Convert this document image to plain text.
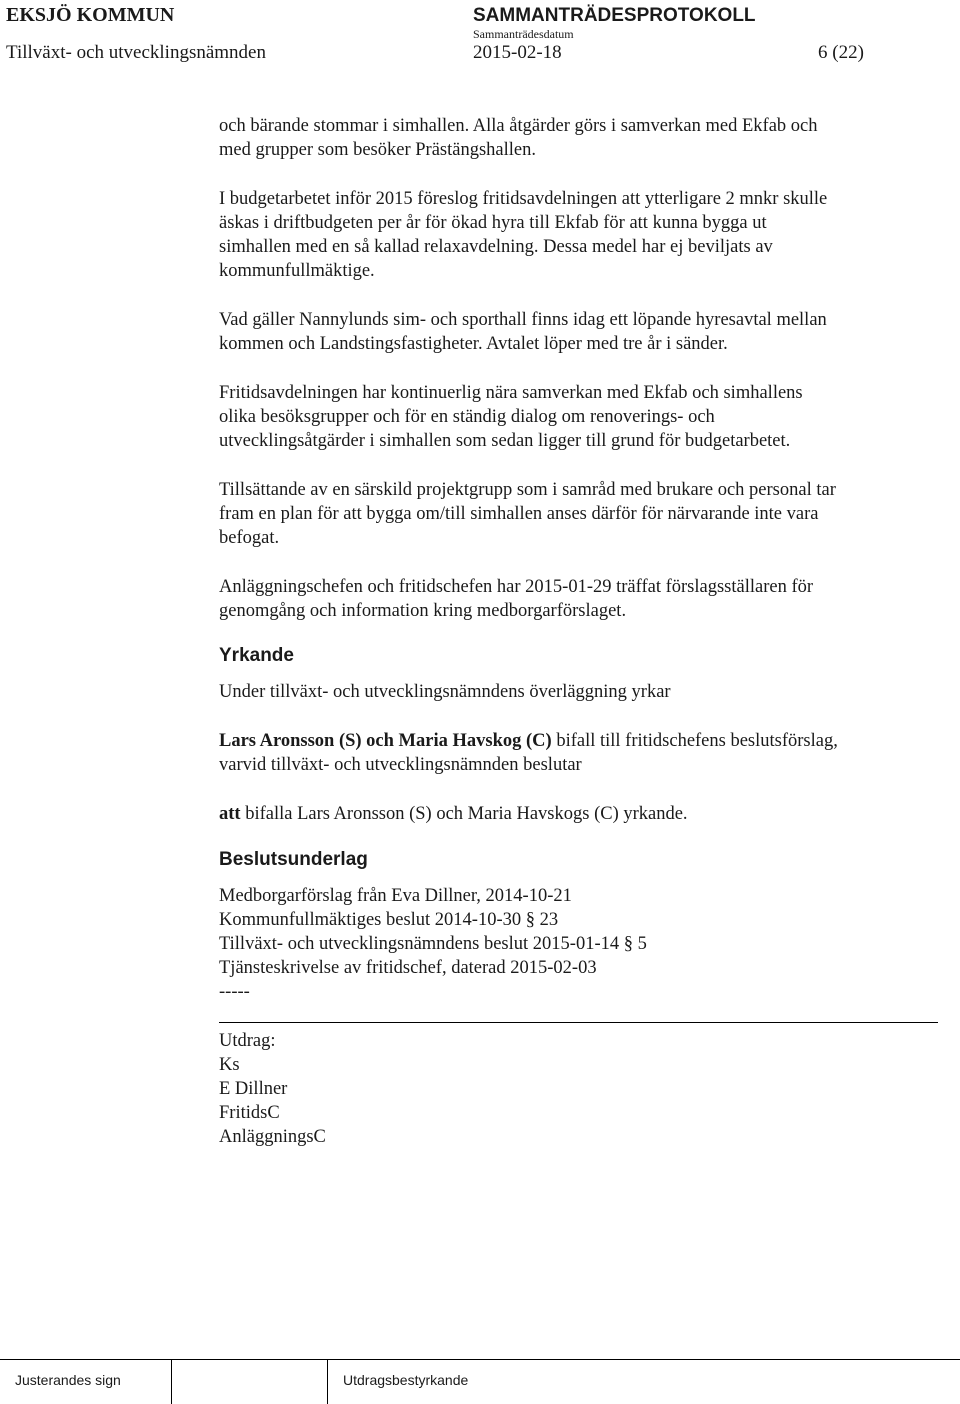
EKSJÖ KOMMUN	SAMMANTRÄDESPROTOKOLL
Sammanträdesdatum
Tillväxt- och utvecklingsnämnden	2015-02-18	6 (22)
och bärande stommar i simhallen. Alla åtgärder görs i samverkan med Ekfab och
med grupper som besöker Prästängshallen.
I budgetarbetet inför 2015 föreslog fritidsavdelningen att ytterligare 2 mnkr skulle
äskas i driftbudgeten per år för ökad hyra till Ekfab för att kunna bygga ut
simhallen med en så kallad relaxavdelning. Dessa medel har ej beviljats av
kommunfullmäktige.
Vad gäller Nannylunds sim- och sporthall finns idag ett löpande hyresavtal mellan
kommen och Landstingsfastigheter. Avtalet löper med tre år i sänder.
Fritidsavdelningen har kontinuerlig nära samverkan med Ekfab och simhallens
olika besöksgrupper och för en ständig dialog om renoverings- och
utvecklingsåtgärder i simhallen som sedan ligger till grund för budgetarbetet.
Tillsättande av en särskild projektgrupp som i samråd med brukare och personal tar
fram en plan för att bygga om/till simhallen anses därför för närvarande inte vara
befogat.
Anläggningschefen och fritidschefen har 2015-01-29 träffat förslagsställaren för
genomgång och information kring medborgarförslaget.
Yrkande
Under tillväxt- och utvecklingsnämndens överläggning yrkar
Lars Aronsson (S) och Maria Havskog (C) bifall till fritidschefens beslutsförslag,
varvid tillväxt- och utvecklingsnämnden beslutar
att bifalla Lars Aronsson (S) och Maria Havskogs (C) yrkande.
Beslutsunderlag
Medborgarförslag från Eva Dillner, 2014-10-21
Kommunfullmäktiges beslut 2014-10-30 § 23
Tillväxt- och utvecklingsnämndens beslut 2015-01-14 § 5
Tjänsteskrivelse av fritidschef, daterad 2015-02-03
-----
Utdrag:
Ks
E Dillner
FritidsC
AnläggningsC
Justerandes sign	Utdragsbestyrkande
